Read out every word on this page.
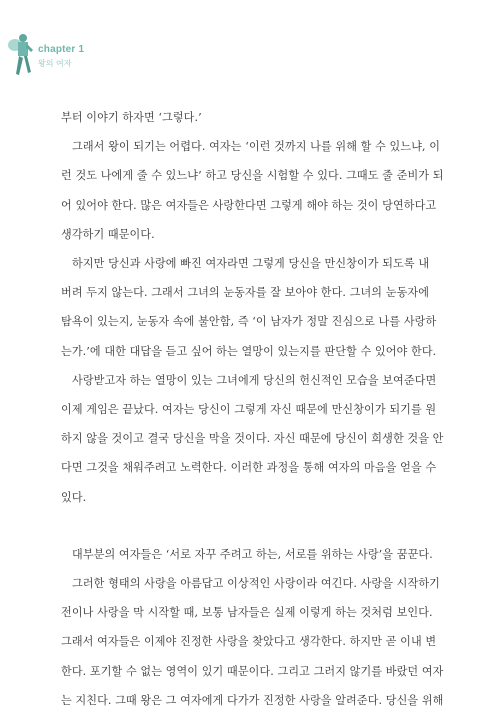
chapter 1
왕의 여자
부터 이야기 하자면 ‘그렇다.’
그래서 왕이 되기는 어렵다. 여자는 ‘이런 것까지 나를 위해 할 수 있느냐, 이
런 것도 나에게 줄 수 있느냐’ 하고 당신을 시험할 수 있다. 그때도 줄 준비가 되
어 있어야 한다. 많은 여자들은 사랑한다면 그렇게 해야 하는 것이 당연하다고
생각하기 때문이다.
하지만 당신과 사랑에 빠진 여자라면 그렇게 당신을 만신창이가 되도록 내
버려 두지 않는다. 그래서 그녀의 눈동자를 잘 보아야 한다. 그녀의 눈동자에
탐욕이 있는지, 눈동자 속에 불안함, 즉 ‘이 남자가 정말 진심으로 나를 사랑하
는가.’에 대한 대답을 듣고 싶어 하는 열망이 있는지를 판단할 수 있어야 한다.
사랑받고자 하는 열망이 있는 그녀에게 당신의 헌신적인 모습을 보여준다면
이제 게임은 끝났다. 여자는 당신이 그렇게 자신 때문에 만신창이가 되기를 원
하지 않을 것이고 결국 당신을 막을 것이다. 자신 때문에 당신이 희생한 것을 안
다면 그것을 채워주려고 노력한다. 이러한 과정을 통해 여자의 마음을 얻을 수
있다.
대부분의 여자들은 ‘서로 자꾸 주려고 하는, 서로를 위하는 사랑’을 꿈꾼다.
그러한 형태의 사랑을 아름답고 이상적인 사랑이라 여긴다. 사랑을 시작하기
전이나 사랑을 막 시작할 때, 보통 남자들은 실제 이렇게 하는 것처럼 보인다.
그래서 여자들은 이제야 진정한 사랑을 찾았다고 생각한다. 하지만 곧 이내 변
한다. 포기할 수 없는 영역이 있기 때문이다. 그리고 그러지 않기를 바랐던 여자
는 지친다. 그때 왕은 그 여자에게 다가가 진정한 사랑을 알려준다. 당신을 위해
